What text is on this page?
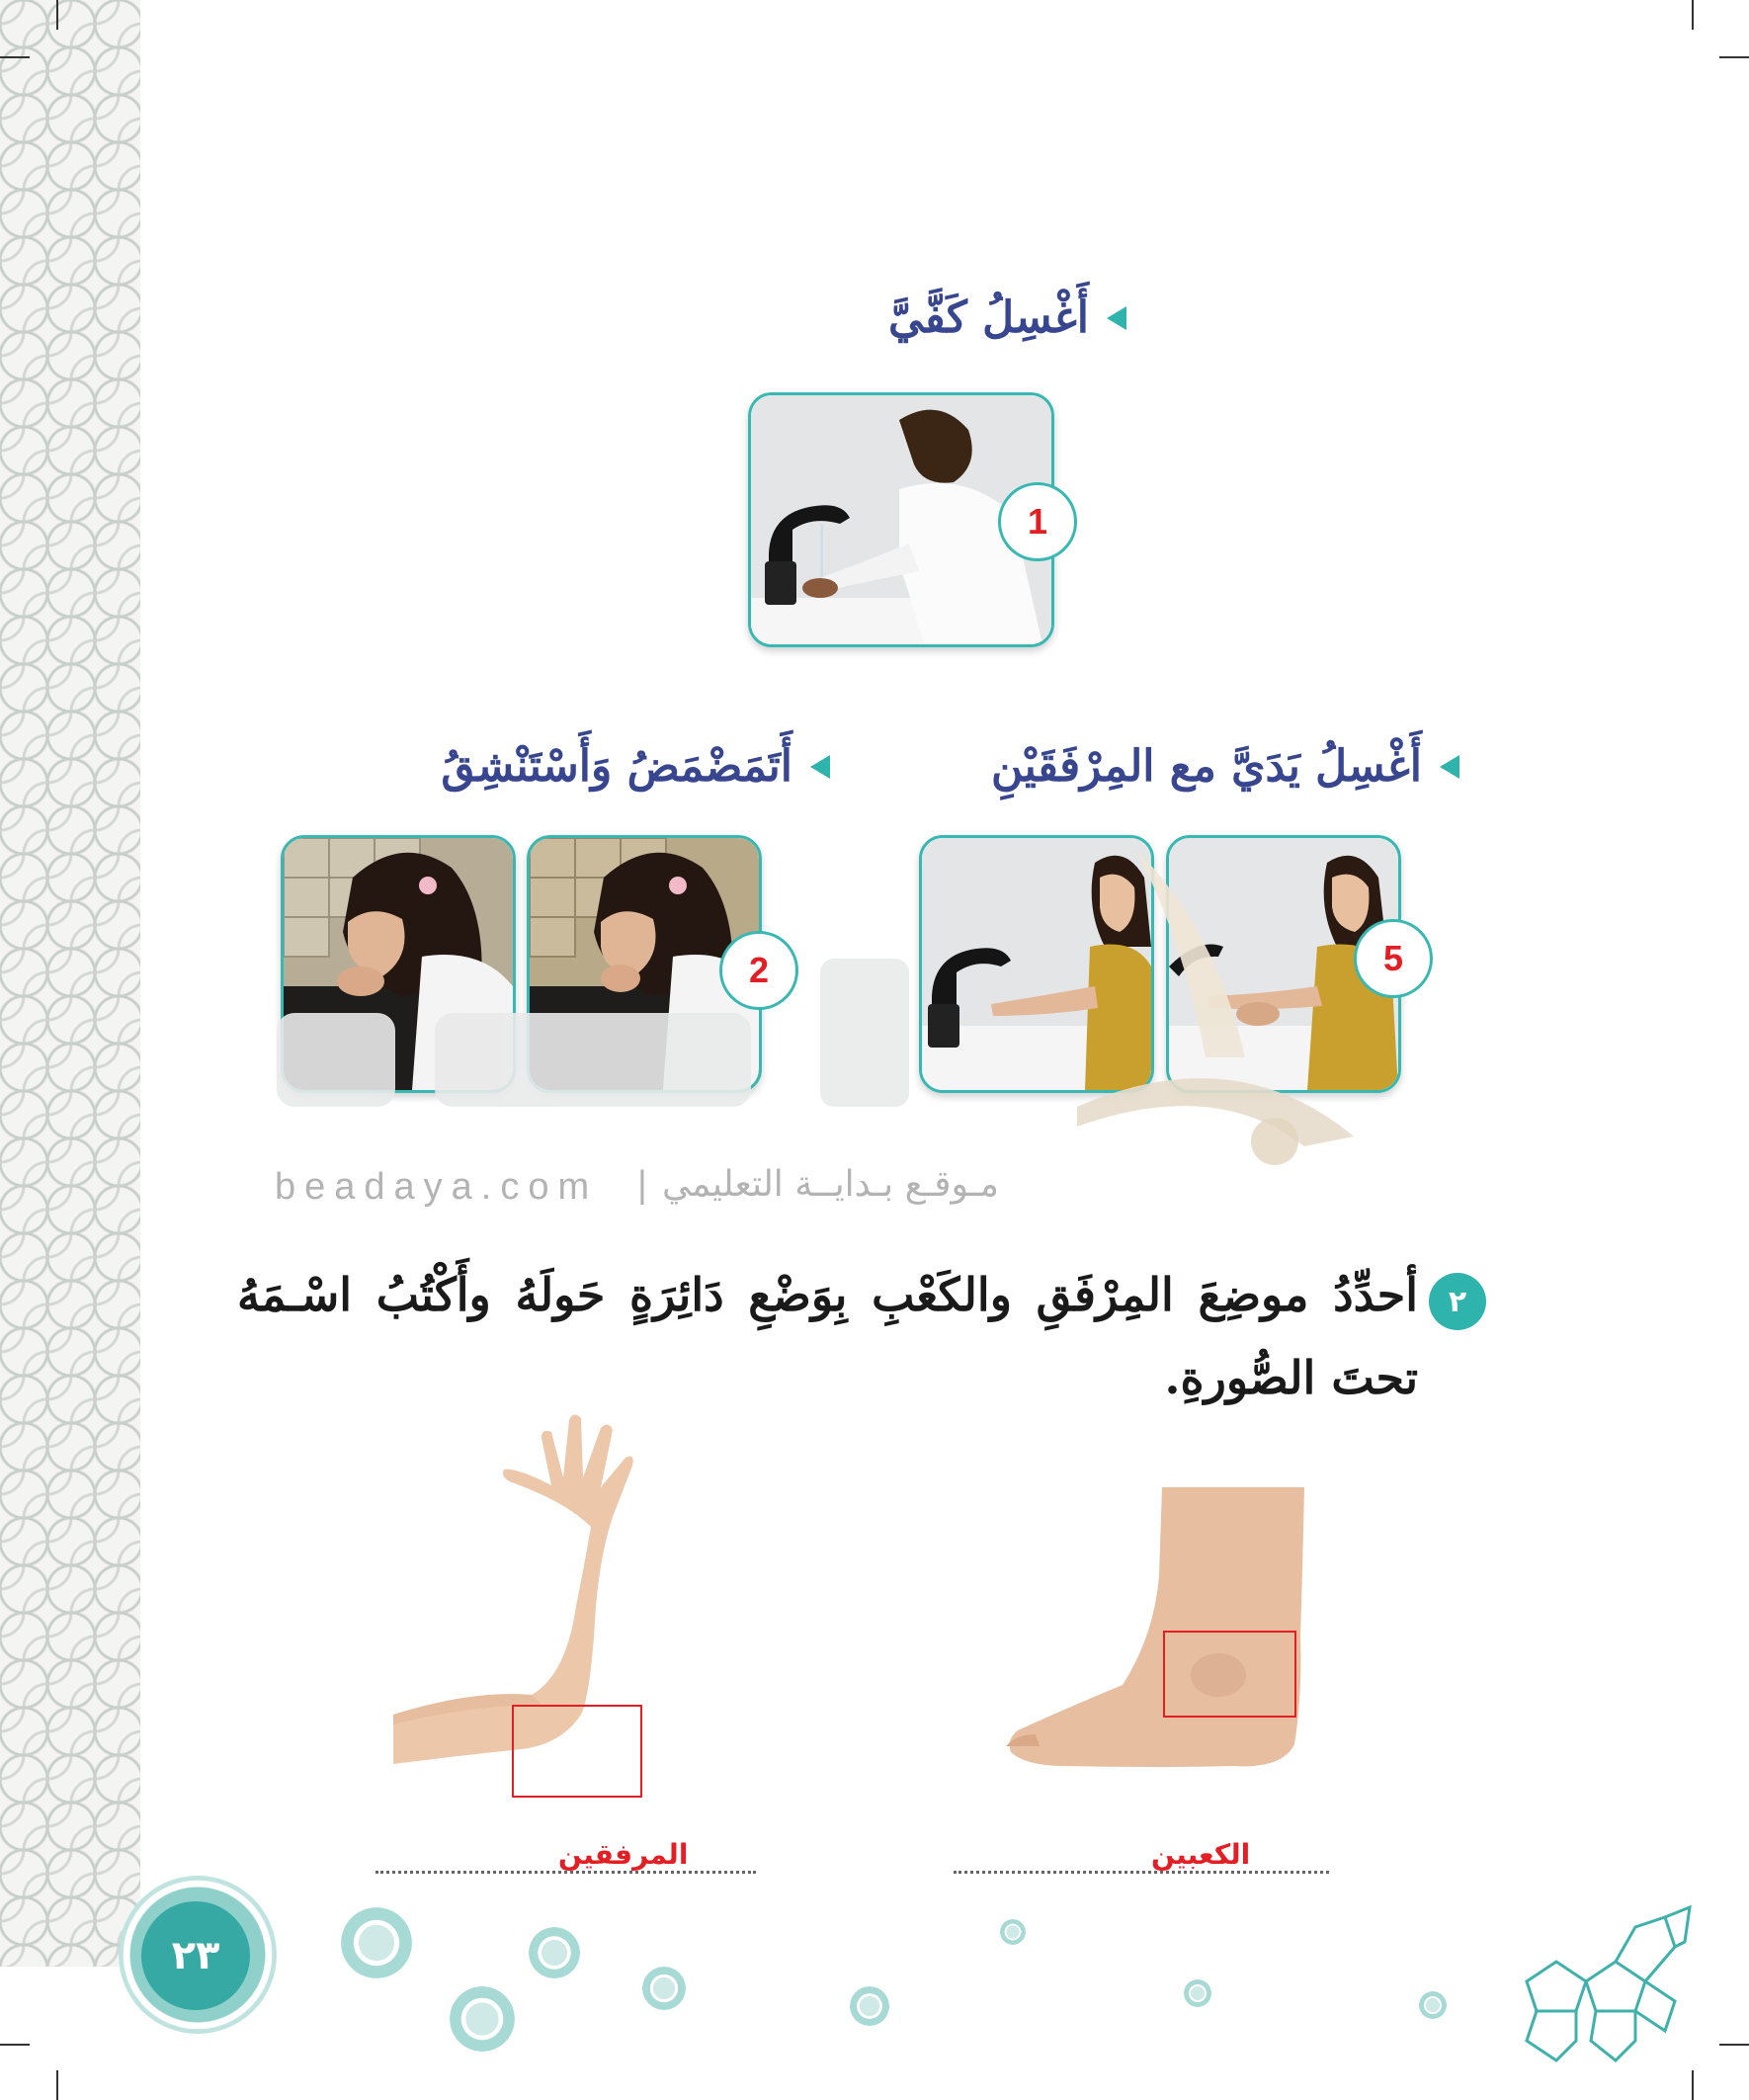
أَغْسِلُ كَفَّيَّ
1
أَغْسِلُ يَدَيَّ مع المِرْفَقَيْنِ
أَتَمَضْمَضُ وَأَسْتَنْشِقُ
2	5
beadaya.com | مـوقـع بـدايــة التعليمي
٢
أحدِّدُ موضِعَ المِرْفَقِ والكَعْبِ بِوَضْعِ دَائِرَةٍ حَولَهُ وأَكْتُبُ اسْـمَهُ تحتَ الصُّورةِ.
المرفقين	الكعبين
٢٣
